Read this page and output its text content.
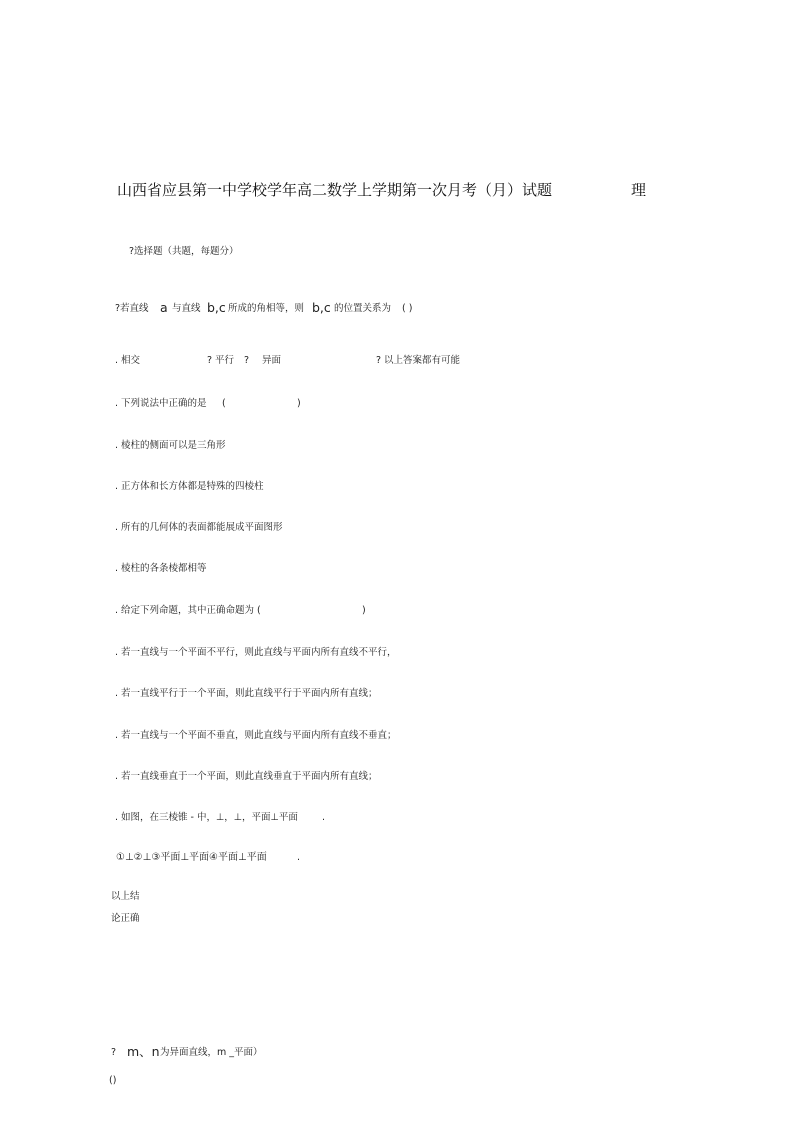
山西省应县第一中学校学年高二数学上学期第一次月考（月）试题	理
?选择题（共题，每题分）
?若直线 a 与直线 b,c 所成的角相等，则 b,c 的位置关系为 ( )
. 相交	? 平行 ? 异面	? 以上答案都有可能
. 下列说法中正确的是 (	)
. 棱柱的侧面可以是三角形
. 正方体和长方体都是特殊的四棱柱
. 所有的几何体的表面都能展成平面图形
. 棱柱的各条棱都相等
. 给定下列命题，其中正确命题为 (	)
. 若一直线与一个平面不平行，则此直线与平面内所有直线不平行，
. 若一直线平行于一个平面，则此直线平行于平面内所有直线；
. 若一直线与一个平面不垂直，则此直线与平面内所有直线不垂直；
. 若一直线垂直于一个平面，则此直线垂直于平面内所有直线；
. 如图，在三棱锥 - 中，⊥，⊥，平面⊥平面	.
①⊥②⊥③平面⊥平面④平面⊥平面	.
以上结
论正确
? m、n 为异面直线，m _平面）
()
